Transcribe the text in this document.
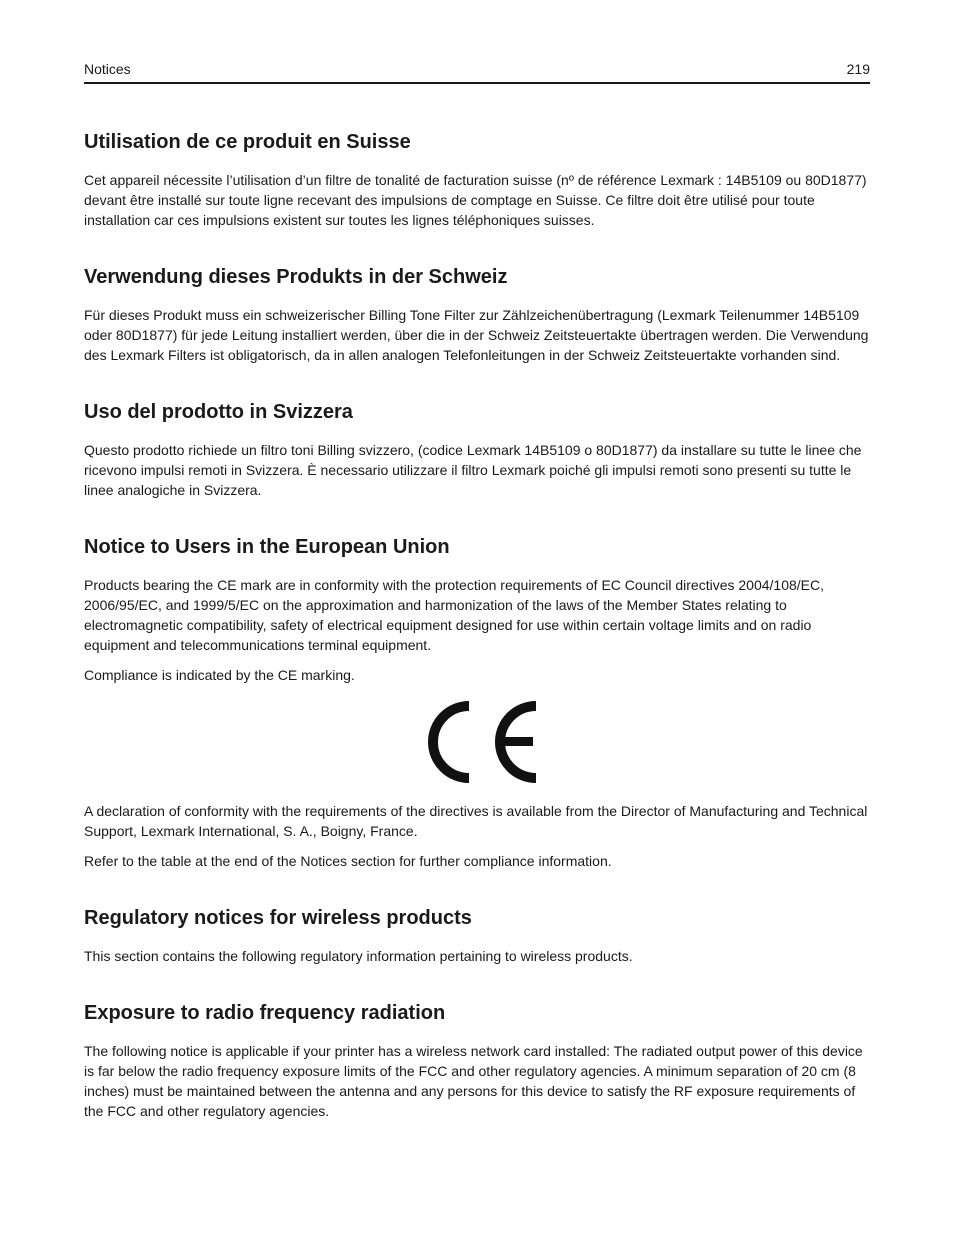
Notices	219
Utilisation de ce produit en Suisse

Cet appareil nécessite l’utilisation d’un filtre de tonalité de facturation suisse (nº de référence Lexmark : 14B5109 ou 80D1877) devant être installé sur toute ligne recevant des impulsions de comptage en Suisse. Ce filtre doit être utilisé pour toute installation car ces impulsions existent sur toutes les lignes téléphoniques suisses.

Verwendung dieses Produkts in der Schweiz

Für dieses Produkt muss ein schweizerischer Billing Tone Filter zur Zählzeichenübertragung (Lexmark Teilenummer 14B5109 oder 80D1877) für jede Leitung installiert werden, über die in der Schweiz Zeitsteuertakte übertragen werden. Die Verwendung des Lexmark Filters ist obligatorisch, da in allen analogen Telefonleitungen in der Schweiz Zeitsteuertakte vorhanden sind.

Uso del prodotto in Svizzera

Questo prodotto richiede un filtro toni Billing svizzero, (codice Lexmark 14B5109 o 80D1877) da installare su tutte le linee che ricevono impulsi remoti in Svizzera. È necessario utilizzare il filtro Lexmark poiché gli impulsi remoti sono presenti su tutte le linee analogiche in Svizzera.

Notice to Users in the European Union

Products bearing the CE mark are in conformity with the protection requirements of EC Council directives 2004/108/EC, 2006/95/EC, and 1999/5/EC on the approximation and harmonization of the laws of the Member States relating to electromagnetic compatibility, safety of electrical equipment designed for use within certain voltage limits and on radio equipment and telecommunications terminal equipment.

Compliance is indicated by the CE marking.

A declaration of conformity with the requirements of the directives is available from the Director of Manufacturing and Technical Support, Lexmark International, S. A., Boigny, France.

Refer to the table at the end of the Notices section for further compliance information.

Regulatory notices for wireless products

This section contains the following regulatory information pertaining to wireless products.

Exposure to radio frequency radiation

The following notice is applicable if your printer has a wireless network card installed: The radiated output power of this device is far below the radio frequency exposure limits of the FCC and other regulatory agencies. A minimum separation of 20 cm (8 inches) must be maintained between the antenna and any persons for this device to satisfy the RF exposure requirements of the FCC and other regulatory agencies.
